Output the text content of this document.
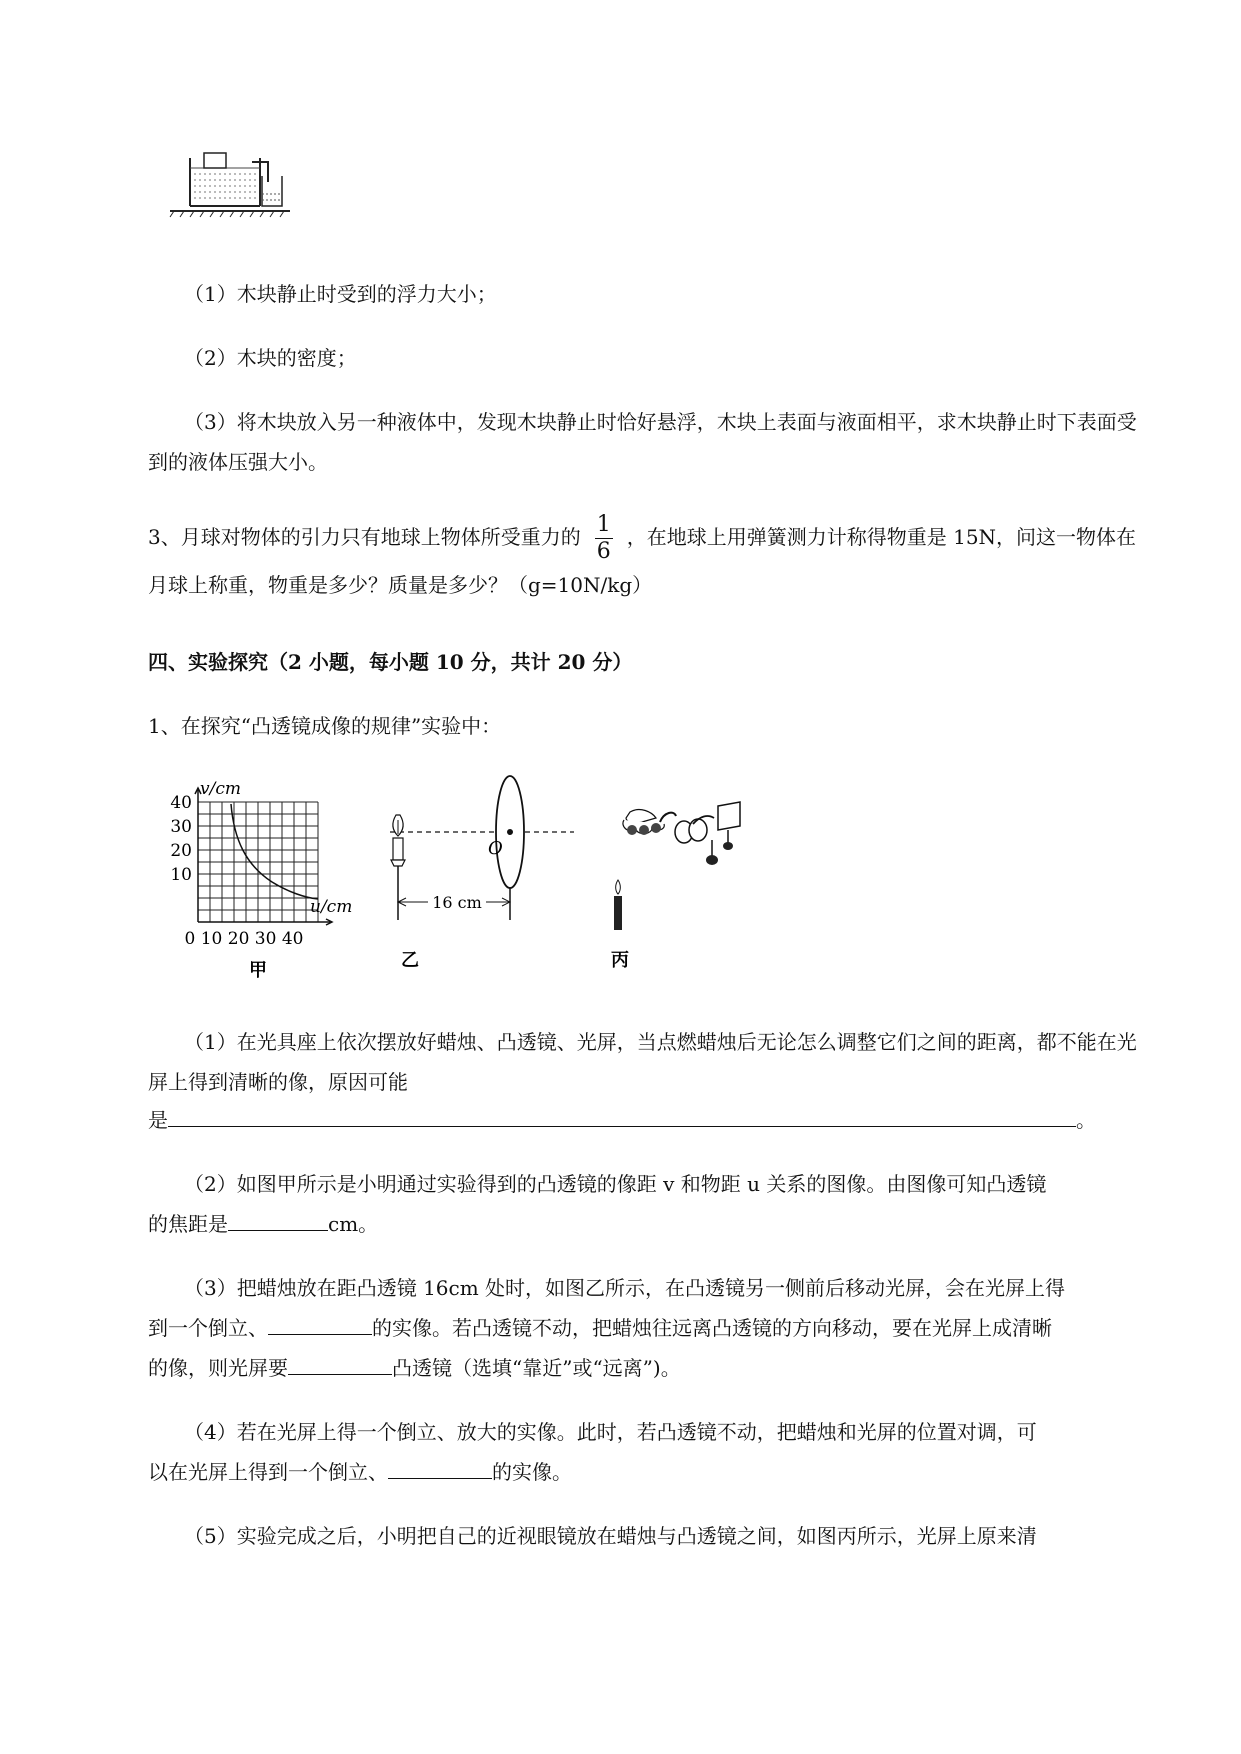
（1）木块静止时受到的浮力大小；

（2）木块的密度；

（3）将木块放入另一种液体中，发现木块静止时恰好悬浮，木块上表面与液面相平，求木块静止时下表面受到的液体压强大小。

3、月球对物体的引力只有地球上物体所受重力的 $\frac{1}{6}$ ，在地球上用弹簧测力计称得物重是 15N，问这一物体在月球上称重，物重是多少？质量是多少？（g=10N/kg）

四、实验探究（2 小题，每小题 10 分，共计 20 分）

1、在探究“凸透镜成像的规律”实验中：

v/cm
40
30
20
10
u/cm
0 10 20 30 40
甲
O
16 cm
乙	丙

（1）在光具座上依次摆放好蜡烛、凸透镜、光屏，当点燃蜡烛后无论怎么调整它们之间的距离，都不能在光屏上得到清晰的像，原因可能

是	。

（2）如图甲所示是小明通过实验得到的凸透镜的像距 v 和物距 u 关系的图像。由图像可知凸透镜

的焦距是	cm。

（3）把蜡烛放在距凸透镜 16cm 处时，如图乙所示，在凸透镜另一侧前后移动光屏，会在光屏上得

到一个倒立、	的实像。若凸透镜不动，把蜡烛往远离凸透镜的方向移动，要在光屏上成清晰

的像，则光屏要	凸透镜（选填“靠近”或“远离”)。

（4）若在光屏上得一个倒立、放大的实像。此时，若凸透镜不动，把蜡烛和光屏的位置对调，可

以在光屏上得到一个倒立、	的实像。

（5）实验完成之后，小明把自己的近视眼镜放在蜡烛与凸透镜之间，如图丙所示，光屏上原来清
